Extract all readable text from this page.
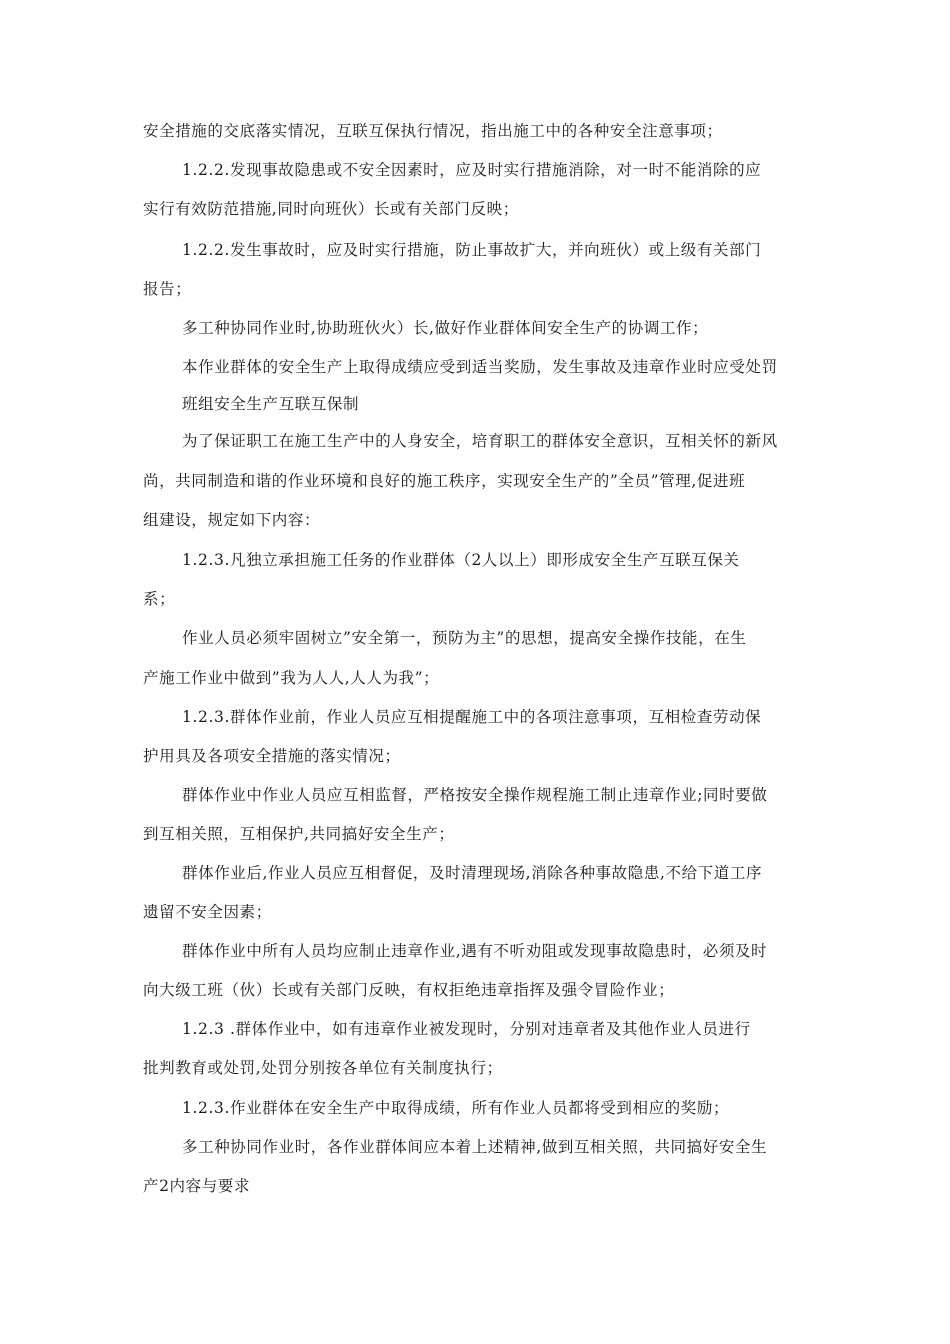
安全措施的交底落实情况，互联互保执行情况，指出施工中的各种安全注意事项；
1.2.2.发现事故隐患或不安全因素时，应及时实行措施消除，对一时不能消除的应
实行有效防范措施,同时向班伙）长或有关部门反映；
1.2.2.发生事故时，应及时实行措施，防止事故扩大，并向班伙）或上级有关部门
报告；
多工种协同作业时,协助班伙火）长,做好作业群体间安全生产的协调工作；
本作业群体的安全生产上取得成绩应受到适当奖励，发生事故及违章作业时应受处罚
班组安全生产互联互保制
为了保证职工在施工生产中的人身安全，培育职工的群体安全意识，互相关怀的新风
尚，共同制造和谐的作业环境和良好的施工秩序，实现安全生产的”全员”管理,促进班
组建设，规定如下内容：
1.2.3.凡独立承担施工任务的作业群体（2人以上）即形成安全生产互联互保关
系；
作业人员必须牢固树立”安全第一，预防为主”的思想，提高安全操作技能，在生
产施工作业中做到”我为人人,人人为我”；
1.2.3.群体作业前，作业人员应互相提醒施工中的各项注意事项，互相检查劳动保
护用具及各项安全措施的落实情况；
群体作业中作业人员应互相监督，严格按安全操作规程施工制止违章作业;同时要做
到互相关照，互相保护,共同搞好安全生产；
群体作业后,作业人员应互相督促，及时清理现场,消除各种事故隐患,不给下道工序
遗留不安全因素；
群体作业中所有人员均应制止违章作业,遇有不听劝阻或发现事故隐患时，必须及时
向大级工班（伙）长或有关部门反映，有权拒绝违章指挥及强令冒险作业；
1.2.3 .群体作业中，如有违章作业被发现时，分别对违章者及其他作业人员进行
批判教育或处罚,处罚分别按各单位有关制度执行；
1.2.3.作业群体在安全生产中取得成绩，所有作业人员都将受到相应的奖励；
多工种协同作业时，各作业群体间应本着上述精神,做到互相关照，共同搞好安全生
产2内容与要求
